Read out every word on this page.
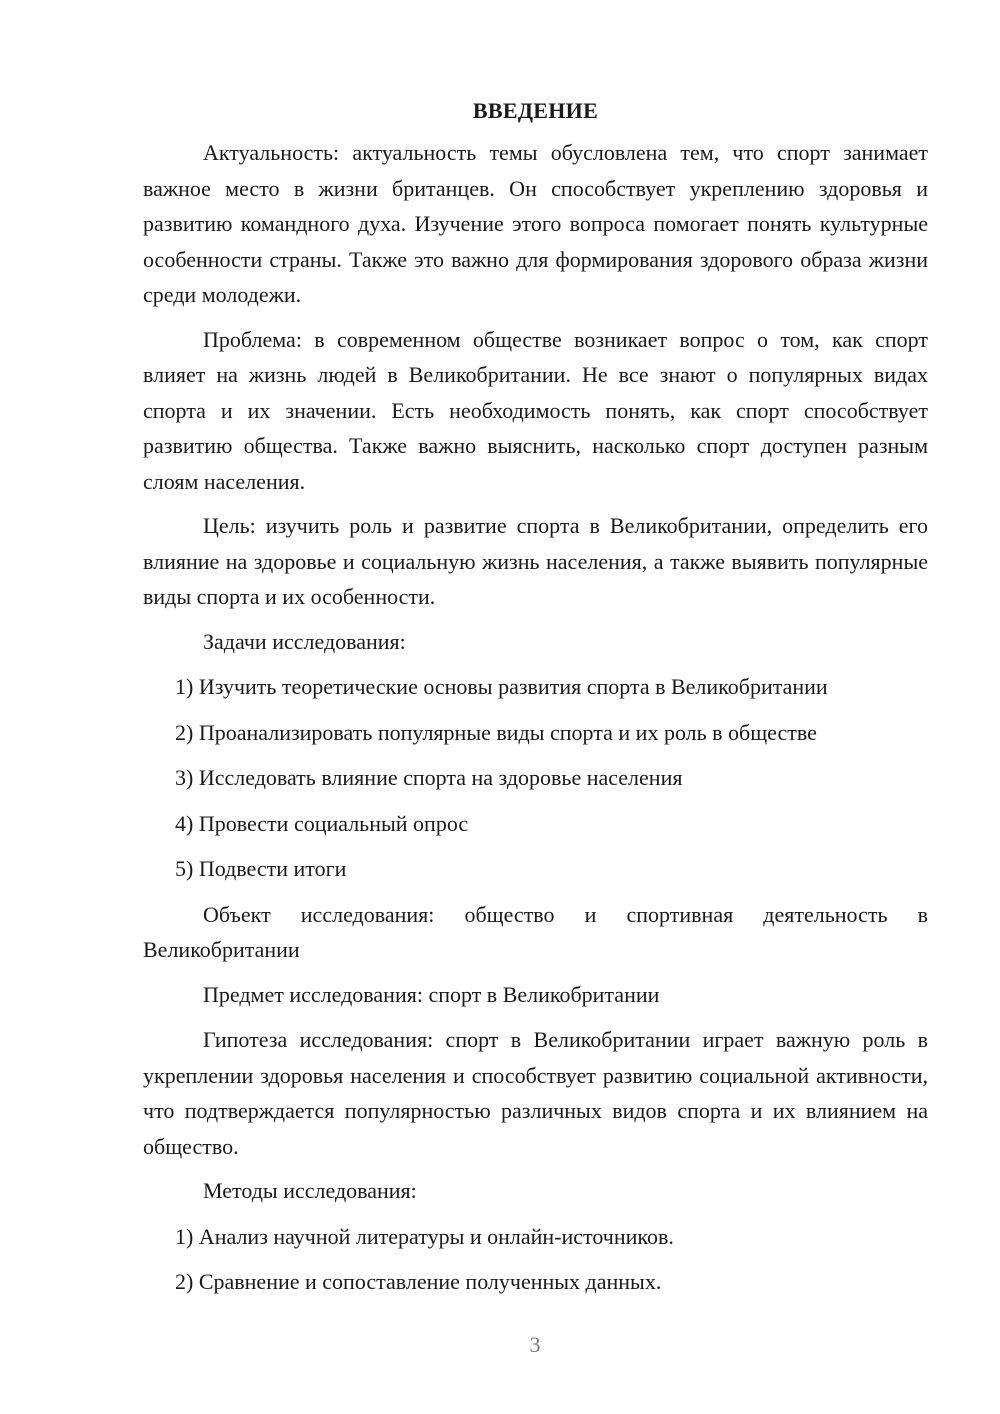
ВВЕДЕНИЕ

Актуальность: актуальность темы обусловлена тем, что спорт занимает важное место в жизни британцев. Он способствует укреплению здоровья и развитию командного духа. Изучение этого вопроса помогает понять культурные особенности страны. Также это важно для формирования здорового образа жизни среди молодежи.

Проблема: в современном обществе возникает вопрос о том, как спорт влияет на жизнь людей в Великобритании. Не все знают о популярных видах спорта и их значении. Есть необходимость понять, как спорт способствует развитию общества. Также важно выяснить, насколько спорт доступен разным слоям населения.

Цель: изучить роль и развитие спорта в Великобритании, определить его влияние на здоровье и социальную жизнь населения, а также выявить популярные виды спорта и их особенности.

Задачи исследования:

1) Изучить теоретические основы развития спорта в Великобритании
2) Проанализировать популярные виды спорта и их роль в обществе
3) Исследовать влияние спорта на здоровье населения
4) Провести социальный опрос
5) Подвести итоги

Объект исследования: общество и спортивная деятельность в Великобритании

Предмет исследования: спорт в Великобритании

Гипотеза исследования: спорт в Великобритании играет важную роль в укреплении здоровья населения и способствует развитию социальной активности, что подтверждается популярностью различных видов спорта и их влиянием на общество.

Методы исследования:

1) Анализ научной литературы и онлайн-источников.
2) Сравнение и сопоставление полученных данных.
3
